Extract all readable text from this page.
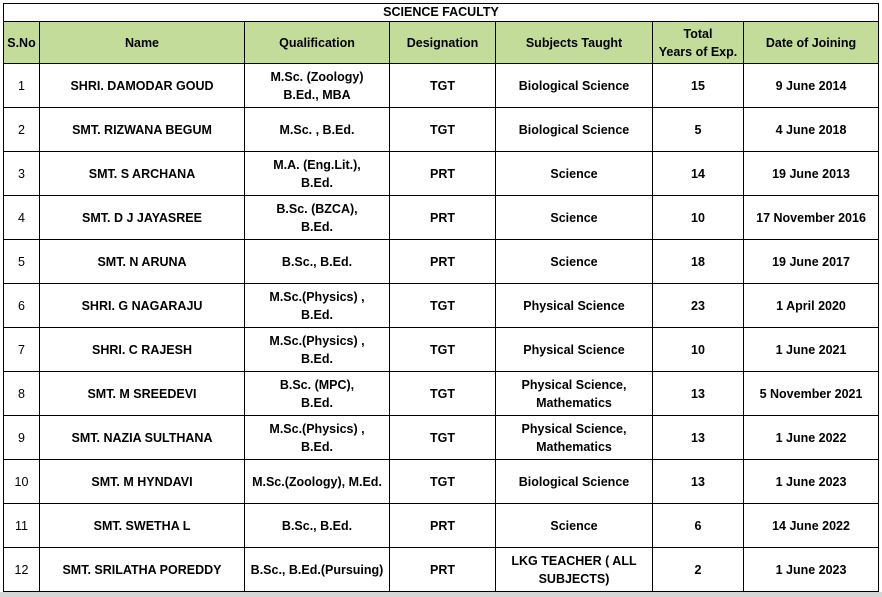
SCIENCE FACULTY						
S.No	Name	Qualification	Designation	Subjects Taught	Total
Years of Exp.	Date of Joining
1	SHRI. DAMODAR GOUD	M.Sc. (Zoology)
B.Ed., MBA	TGT	Biological Science	15	9 June 2014
2	SMT. RIZWANA BEGUM	M.Sc. , B.Ed.	TGT	Biological Science	5	4 June 2018
3	SMT. S ARCHANA	M.A. (Eng.Lit.),
B.Ed.	PRT	Science	14	19 June 2013
4	SMT. D J JAYASREE	B.Sc. (BZCA),
B.Ed.	PRT	Science	10	17 November 2016
5	SMT. N ARUNA	B.Sc., B.Ed.	PRT	Science	18	19 June 2017
6	SHRI. G NAGARAJU	M.Sc.(Physics) ,
B.Ed.	TGT	Physical Science	23	1 April 2020
7	SHRI. C RAJESH	M.Sc.(Physics) ,
B.Ed.	TGT	Physical Science	10	1 June 2021
8	SMT. M SREEDEVI	B.Sc. (MPC),
B.Ed.	TGT	Physical Science,
Mathematics	13	5 November 2021
9	SMT. NAZIA SULTHANA	M.Sc.(Physics) ,
B.Ed.	TGT	Physical Science,
Mathematics	13	1 June 2022
10	SMT. M HYNDAVI	M.Sc.(Zoology), M.Ed.	TGT	Biological Science	13	1 June 2023
11	SMT. SWETHA L	B.Sc., B.Ed.	PRT	Science	6	14 June 2022
12	SMT. SRILATHA POREDDY	B.Sc., B.Ed.(Pursuing)	PRT	LKG TEACHER ( ALL
SUBJECTS)	2	1 June 2023
